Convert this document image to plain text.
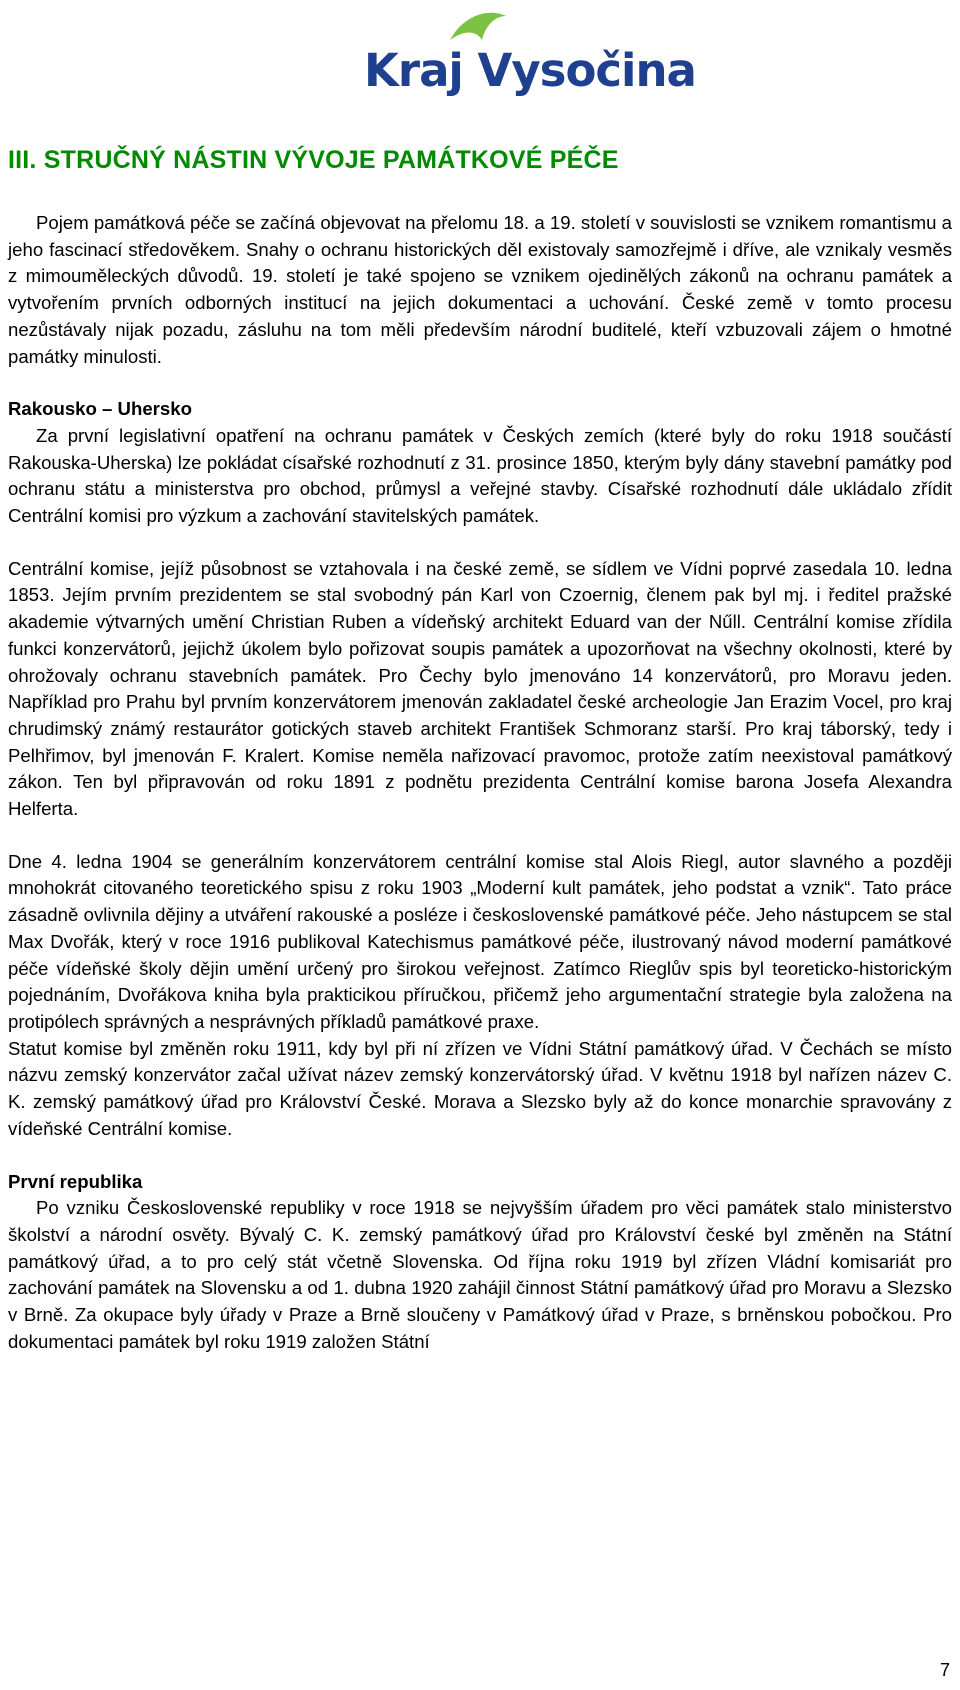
Kraj Vysočina
III. STRUČNÝ NÁSTIN VÝVOJE PAMÁTKOVÉ PÉČE

Pojem památková péče se začíná objevovat na přelomu 18. a 19. století v souvislosti se vznikem romantismu a jeho fascinací středověkem. Snahy o ochranu historických děl existovaly samozřejmě i dříve, ale vznikaly vesměs z mimouměleckých důvodů. 19. století je také spojeno se vznikem ojedinělých zákonů na ochranu památek a vytvořením prvních odborných institucí na jejich dokumentaci a uchování. České země v tomto procesu nezůstávaly nijak pozadu, zásluhu na tom měli především národní buditelé, kteří vzbuzovali zájem o hmotné památky minulosti.

Rakousko – Uhersko

Za první legislativní opatření na ochranu památek v Českých zemích (které byly do roku 1918 součástí Rakouska-Uherska) lze pokládat císařské rozhodnutí z 31. prosince 1850, kterým byly dány stavební památky pod ochranu státu a ministerstva pro obchod, průmysl a veřejné stavby. Císařské rozhodnutí dále ukládalo zřídit Centrální komisi pro výzkum a zachování stavitelských památek.

Centrální komise, jejíž působnost se vztahovala i na české země, se sídlem ve Vídni poprvé zasedala 10. ledna 1853. Jejím prvním prezidentem se stal svobodný pán Karl von Czoernig, členem pak byl mj. i ředitel pražské akademie výtvarných umění Christian Ruben a vídeňský architekt Eduard van der Nűll. Centrální komise zřídila funkci konzervátorů, jejichž úkolem bylo pořizovat soupis památek a upozorňovat na všechny okolnosti, které by ohrožovaly ochranu stavebních památek. Pro Čechy bylo jmenováno 14 konzervátorů, pro Moravu jeden. Například pro Prahu byl prvním konzervátorem jmenován zakladatel české archeologie Jan Erazim Vocel, pro kraj chrudimský známý restaurátor gotických staveb architekt František Schmoranz starší. Pro kraj táborský, tedy i Pelhřimov, byl jmenován F. Kralert. Komise neměla nařizovací pravomoc, protože zatím neexistoval památkový zákon. Ten byl připravován od roku 1891 z podnětu prezidenta Centrální komise barona Josefa Alexandra Helferta.

Dne 4. ledna 1904 se generálním konzervátorem centrální komise stal Alois Riegl, autor slavného a později mnohokrát citovaného teoretického spisu z roku 1903 „Moderní kult památek, jeho podstat a vznik“. Tato práce zásadně ovlivnila dějiny a utváření rakouské a posléze i československé památkové péče. Jeho nástupcem se stal Max Dvořák, který v roce 1916 publikoval Katechismus památkové péče, ilustrovaný návod moderní památkové péče vídeňské školy dějin umění určený pro širokou veřejnost. Zatímco Rieglův spis byl teoreticko-historickým pojednáním, Dvořákova kniha byla prakticikou příručkou, přičemž jeho argumentační strategie byla založena na protipólech správných a nesprávných příkladů památkové praxe.

Statut komise byl změněn roku 1911, kdy byl při ní zřízen ve Vídni Státní památkový úřad. V Čechách se místo názvu zemský konzervátor začal užívat název zemský konzervátorský úřad. V květnu 1918 byl nařízen název C. K. zemský památkový úřad pro Království České. Morava a Slezsko byly až do konce monarchie spravovány z vídeňské Centrální komise.

První republika

Po vzniku Československé republiky v roce 1918 se nejvyšším úřadem pro věci památek stalo ministerstvo školství a národní osvěty. Bývalý C. K. zemský památkový úřad pro Království české byl změněn na Státní památkový úřad, a to pro celý stát včetně Slovenska. Od října roku 1919 byl zřízen Vládní komisariát pro zachování památek na Slovensku a od 1. dubna 1920 zahájil činnost Státní památkový úřad pro Moravu a Slezsko v Brně. Za okupace byly úřady v Praze a Brně sloučeny v Památkový úřad v Praze, s brněnskou pobočkou. Pro dokumentaci památek byl roku 1919 založen Státní

7
